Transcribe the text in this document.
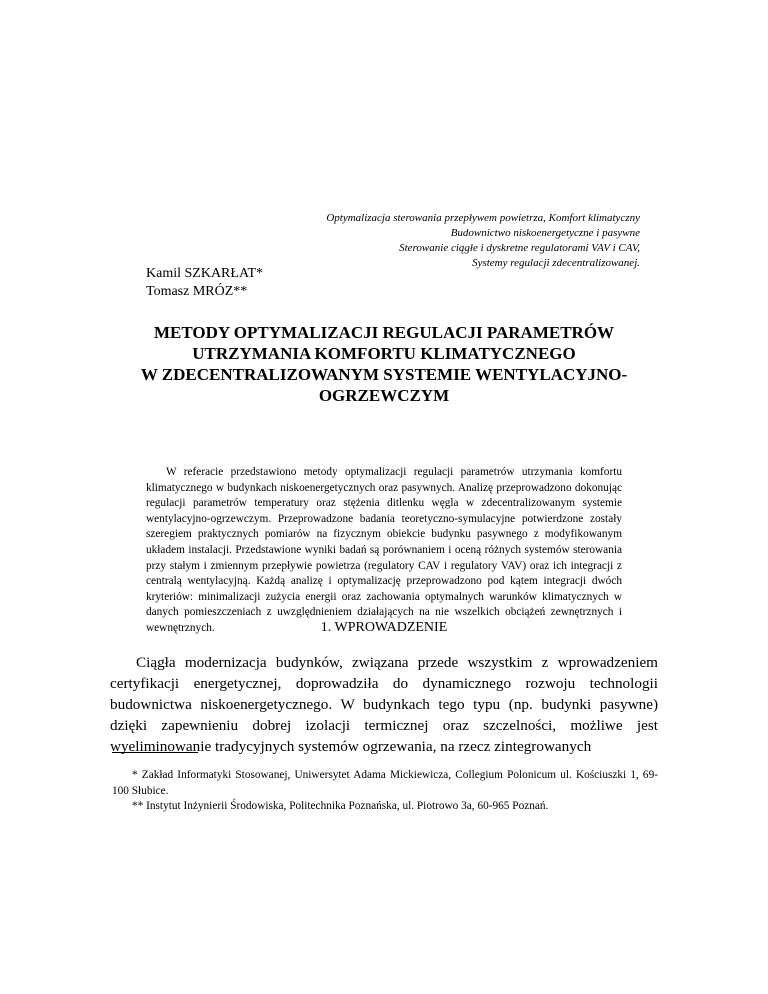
Optymalizacja sterowania przepływem powietrza, Komfort klimatyczny
Budownictwo niskoenergetyczne i pasywne
Sterowanie ciągłe i dyskretne regulatorami VAV i CAV,
Systemy regulacji zdecentralizowanej.
Kamil SZKARŁAT*
Tomasz MRÓZ**
METODY OPTYMALIZACJI REGULACJI PARAMETRÓW
UTRZYMANIA KOMFORTU KLIMATYCZNEGO
W ZDECENTRALIZOWANYM SYSTEMIE WENTYLACYJNO-
OGRZEWCZYM
W referacie przedstawiono metody optymalizacji regulacji parametrów utrzymania komfortu klimatycznego w budynkach niskoenergetycznych oraz pasywnych. Analizę przeprowadzono dokonując regulacji parametrów temperatury oraz stężenia ditlenku węgla w zdecentralizowanym systemie wentylacyjno-ogrzewczym. Przeprowadzone badania teoretyczno-symulacyjne potwierdzone zostały szeregiem praktycznych pomiarów na fizycznym obiekcie budynku pasywnego z modyfikowanym układem instalacji. Przedstawione wyniki badań są porównaniem i oceną różnych systemów sterowania przy stałym i zmiennym przepływie powietrza (regulatory CAV i regulatory VAV) oraz ich integracji z centralą wentylacyjną. Każdą analizę i optymalizację przeprowadzono pod kątem integracji dwóch kryteriów: minimalizacji zużycia energii oraz zachowania optymalnych warunków klimatycznych w danych pomieszczeniach z uwzględnieniem działających na nie wszelkich obciążeń zewnętrznych i wewnętrznych.	1. WPROWADZENIE
Ciągła modernizacja budynków, związana przede wszystkim z wprowadzeniem certyfikacji energetycznej, doprowadziła do dynamicznego rozwoju technologii budownictwa niskoenergetycznego. W budynkach tego typu (np. budynki pasywne) dzięki zapewnieniu dobrej izolacji termicznej oraz szczelności, możliwe jest wyeliminowanie tradycyjnych systemów ogrzewania, na rzecz zintegrowanych
* Zakład Informatyki Stosowanej, Uniwersytet Adama Mickiewicza, Collegium Polonicum ul. Kościuszki 1, 69-100 Słubice.
** Instytut Inżynierii Środowiska, Politechnika Poznańska, ul. Piotrowo 3a, 60-965 Poznań.
